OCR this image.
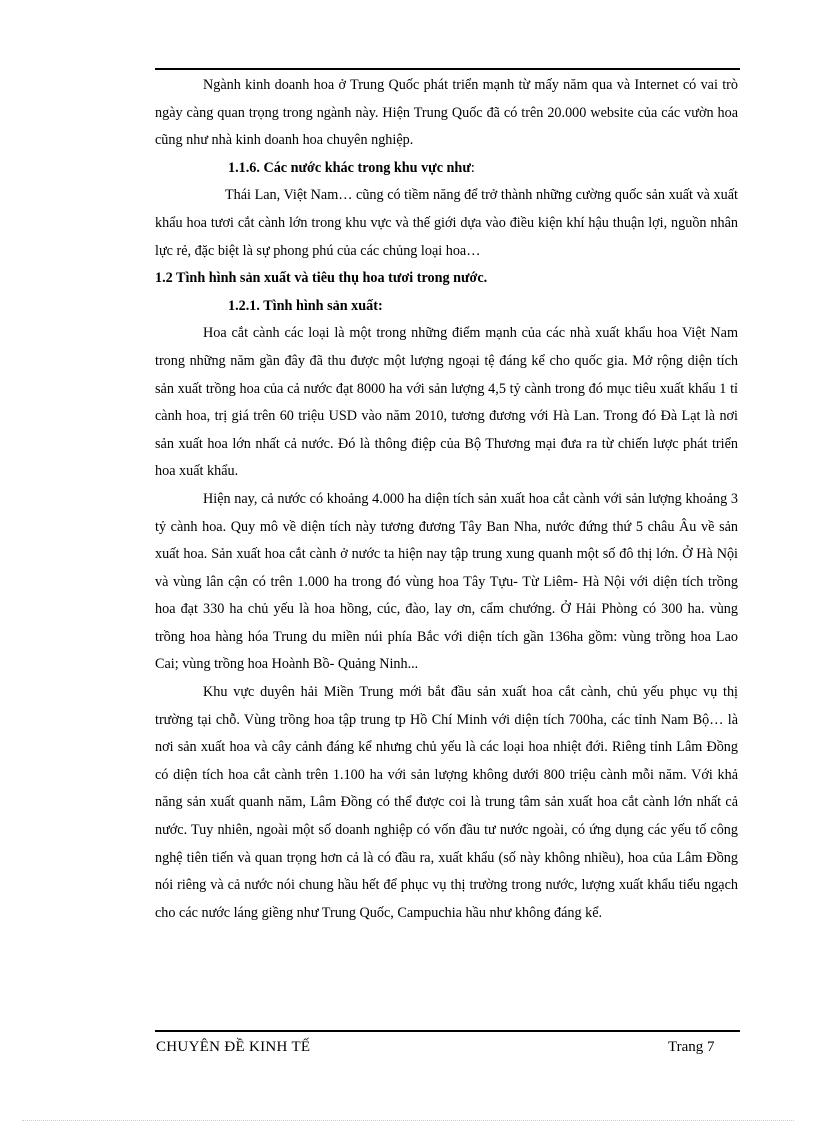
Ngành kinh doanh hoa ở Trung Quốc phát triển mạnh từ mấy năm qua và Internet có vai trò ngày càng quan trọng trong ngành này. Hiện Trung Quốc đã có trên 20.000 website của các vườn hoa cũng như nhà kinh doanh hoa chuyên nghiệp.

1.1.6. Các nước khác trong khu vực như:

Thái Lan, Việt Nam… cũng có tiềm năng để trở thành những cường quốc sản xuất và xuất khẩu hoa tươi cắt cành lớn trong khu vực và thế giới dựa vào điều kiện khí hậu thuận lợi, nguồn nhân lực rẻ, đặc biệt là sự phong phú của các chủng loại hoa…

1.2 Tình hình sản xuất và tiêu thụ hoa tươi trong nước.

1.2.1. Tình hình sản xuất:

Hoa cắt cành các loại là một trong những điểm mạnh của các nhà xuất khẩu hoa Việt Nam trong những năm gần đây đã thu được một lượng ngoại tệ đáng kể cho quốc gia. Mở rộng diện tích sản xuất trồng hoa của cả nước đạt 8000 ha với sản lượng 4,5 tỷ cành trong đó mục tiêu xuất khẩu 1 tỉ cành hoa, trị giá trên 60 triệu USD vào năm 2010, tương đương với Hà Lan. Trong đó Đà Lạt là nơi sản xuất hoa lớn nhất cả nước. Đó là thông điệp của Bộ Thương mại đưa ra từ chiến lược phát triển hoa xuất khẩu.

Hiện nay, cả nước có khoảng 4.000 ha diện tích sản xuất hoa cắt cành với sản lượng khoảng 3 tỷ cành hoa. Quy mô về diện tích này tương đương Tây Ban Nha, nước đứng thứ 5 châu Âu về sản xuất hoa. Sản xuất hoa cắt cành ở nước ta hiện nay tập trung xung quanh một số đô thị lớn. Ở Hà Nội và vùng lân cận có trên 1.000 ha trong đó vùng hoa Tây Tựu- Từ Liêm- Hà Nội với diện tích trồng hoa đạt 330 ha chủ yếu là hoa hồng, cúc, đào, lay ơn, cẩm chướng. Ở Hải Phòng có 300 ha. vùng trồng hoa hàng hóa Trung du miền núi phía Bắc với diện tích gần 136ha gồm: vùng trồng hoa Lao Cai; vùng trồng hoa Hoành Bồ- Quảng Ninh...

Khu vực duyên hải Miền Trung mới bắt đầu sản xuất hoa cắt cành, chủ yếu phục vụ thị trường tại chỗ. Vùng trồng hoa tập trung tp Hồ Chí Minh với diện tích 700ha, các tỉnh Nam Bộ… là nơi sản xuất hoa và cây cảnh đáng kể nhưng chủ yếu là các loại hoa nhiệt đới. Riêng tỉnh Lâm Đồng có diện tích hoa cắt cành trên 1.100 ha với sản lượng không dưới 800 triệu cành mỗi năm. Với khả năng sản xuất quanh năm, Lâm Đồng có thể được coi là trung tâm sản xuất hoa cắt cành lớn nhất cả nước. Tuy nhiên, ngoài một số doanh nghiệp có vốn đầu tư nước ngoài, có ứng dụng các yếu tố công nghệ tiên tiến và quan trọng hơn cả là có đầu ra, xuất khẩu (số này không nhiều), hoa của Lâm Đồng nói riêng và cả nước nói chung hầu hết để phục vụ thị trường trong nước, lượng xuất khẩu tiểu ngạch cho các nước láng giềng như Trung Quốc, Campuchia hầu như không đáng kể.

CHUYÊN ĐỀ KINH TẾ	Trang 7
